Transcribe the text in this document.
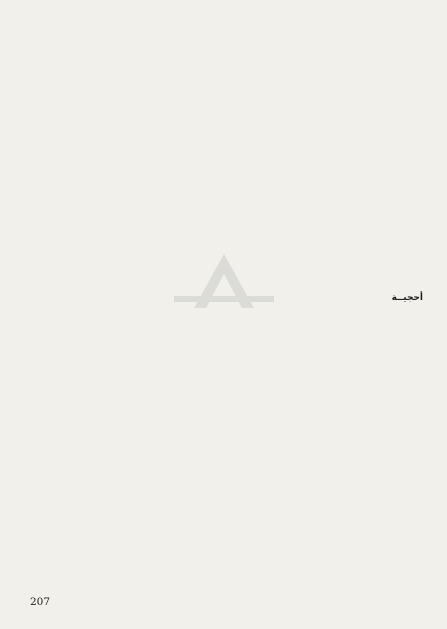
أحجيــة

207
